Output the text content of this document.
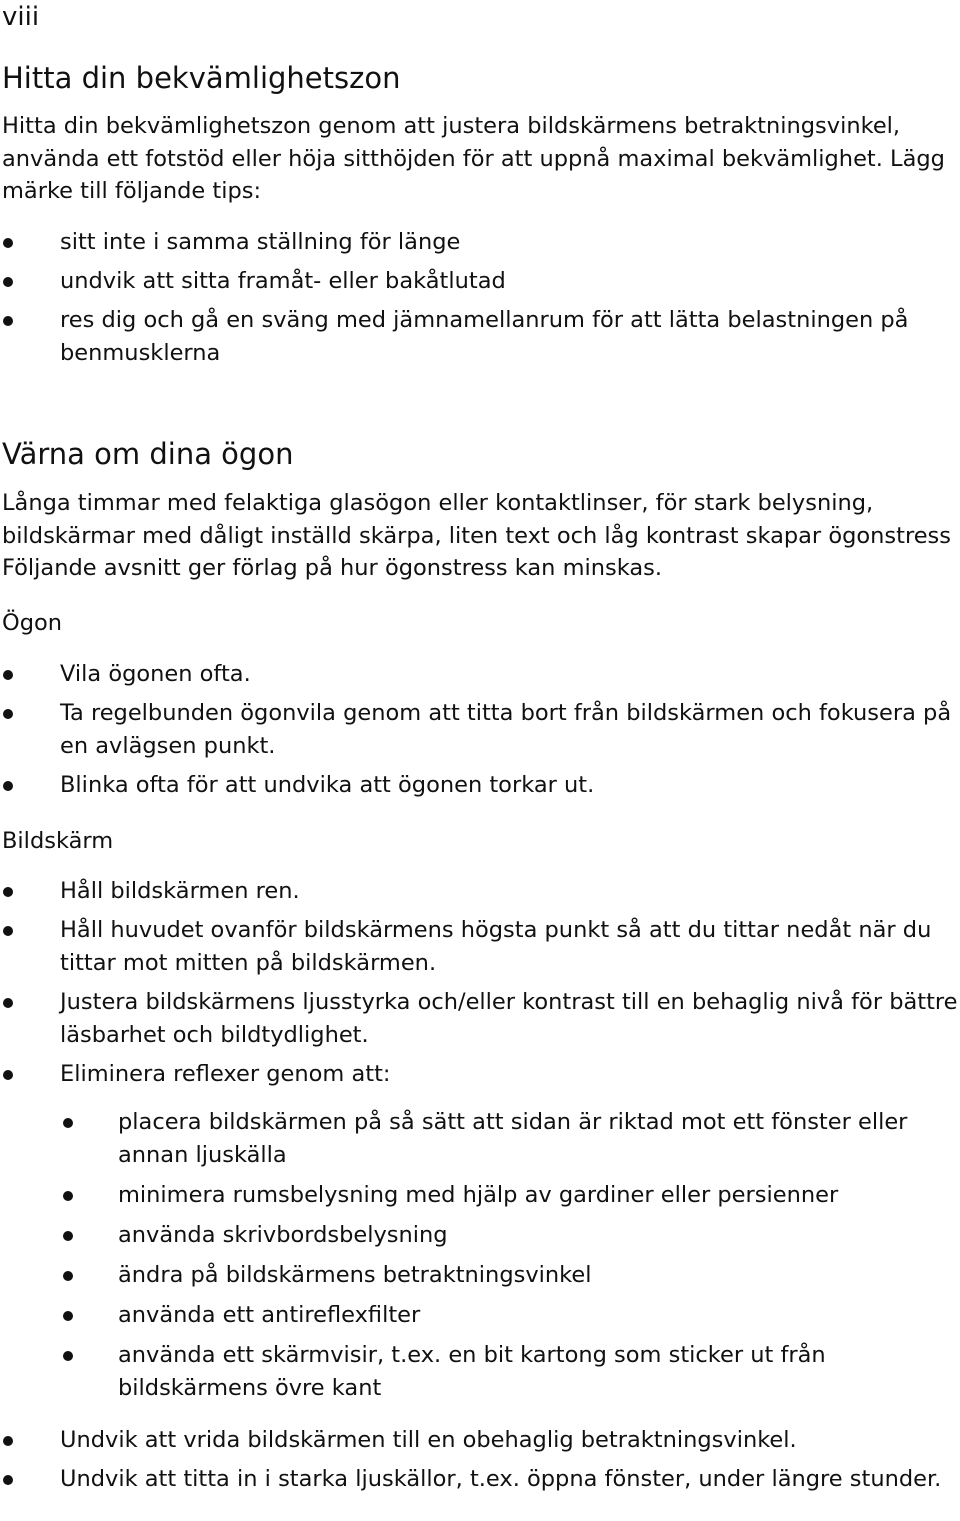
viii
Hitta din bekvämlighetszon

Hitta din bekvämlighetszon genom att justera bildskärmens betraktningsvinkel, använda ett fotstöd eller höja sitthöjden för att uppnå maximal bekvämlighet. Lägg märke till följande tips:

sitt inte i samma ställning för länge
undvik att sitta framåt- eller bakåtlutad
res dig och gå en sväng med jämnamellanrum för att lätta belastningen på benmusklerna
Värna om dina ögon

Långa timmar med felaktiga glasögon eller kontaktlinser, för stark belysning, bildskärmar med dåligt inställd skärpa, liten text och låg kontrast skapar ögonstress Följande avsnitt ger förlag på hur ögonstress kan minskas.

Ögon
Vila ögonen ofta.
Ta regelbunden ögonvila genom att titta bort från bildskärmen och fokusera på en avlägsen punkt.
Blinka ofta för att undvika att ögonen torkar ut.
Bildskärm
Håll bildskärmen ren.
Håll huvudet ovanför bildskärmens högsta punkt så att du tittar nedåt när du tittar mot mitten på bildskärmen.
Justera bildskärmens ljusstyrka och/eller kontrast till en behaglig nivå för bättre läsbarhet och bildtydlighet.
Eliminera reflexer genom att:
placera bildskärmen på så sätt att sidan är riktad mot ett fönster eller annan ljuskälla
minimera rumsbelysning med hjälp av gardiner eller persienner
använda skrivbordsbelysning
ändra på bildskärmens betraktningsvinkel
använda ett antireflexfilter
använda ett skärmvisir, t.ex. en bit kartong som sticker ut från bildskärmens övre kant
Undvik att vrida bildskärmen till en obehaglig betraktningsvinkel.
Undvik att titta in i starka ljuskällor, t.ex. öppna fönster, under längre stunder.
